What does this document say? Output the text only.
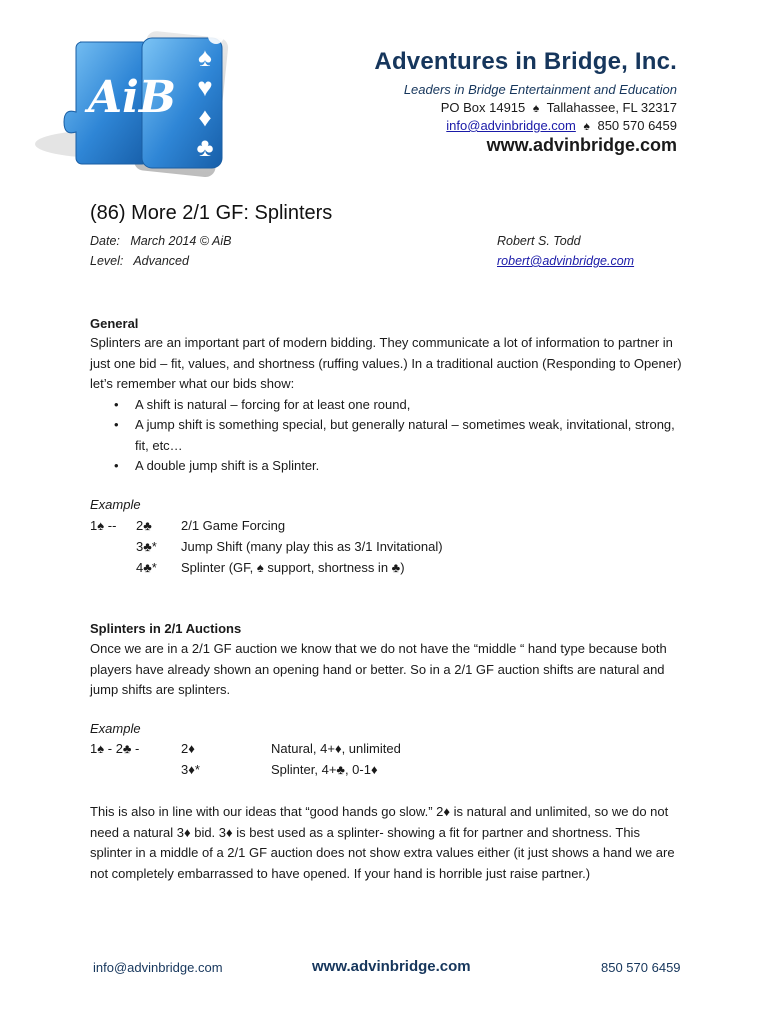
AiB
♠
♥
♦
♣
Adventures in Bridge, Inc.
Leaders in Bridge Entertainment and Education
PO Box 14915 ♠ Tallahassee, FL 32317
info@advinbridge.com ♠ 850 570 6459
www.advinbridge.com
(86) More 2/1 GF: Splinters
Date: March 2014 © AiB
Level: Advanced
Robert S. Todd
robert@advinbridge.com
General
Splinters are an important part of modern bidding. They communicate a lot of information to partner in
just one bid – fit, values, and shortness (ruffing values.) In a traditional auction (Responding to Opener)
let’s remember what our bids show:
• A shift is natural – forcing for at least one round,
• A jump shift is something special, but generally natural – sometimes weak, invitational, strong,
fit, etc…
• A double jump shift is a Splinter.
Example
1♠ -- 2♣ 2/1 Game Forcing
3♣* Jump Shift (many play this as 3/1 Invitational)
4♣* Splinter (GF, ♠ support, shortness in ♣)
Splinters in 2/1 Auctions
Once we are in a 2/1 GF auction we know that we do not have the “middle “ hand type because both
players have already shown an opening hand or better. So in a 2/1 GF auction shifts are natural and
jump shifts are splinters.
Example
1♠ - 2♣ -	2♦	Natural, 4+♦, unlimited
3♦*	Splinter, 4+♣, 0-1♦
This is also in line with our ideas that “good hands go slow.” 2♦ is natural and unlimited, so we do not
need a natural 3♦ bid. 3♦ is best used as a splinter- showing a fit for partner and shortness. This
splinter in a middle of a 2/1 GF auction does not show extra values either (it just shows a hand we are
not completely embarrassed to have opened. If your hand is horrible just raise partner.)
info@advinbridge.com	www.advinbridge.com	850 570 6459
